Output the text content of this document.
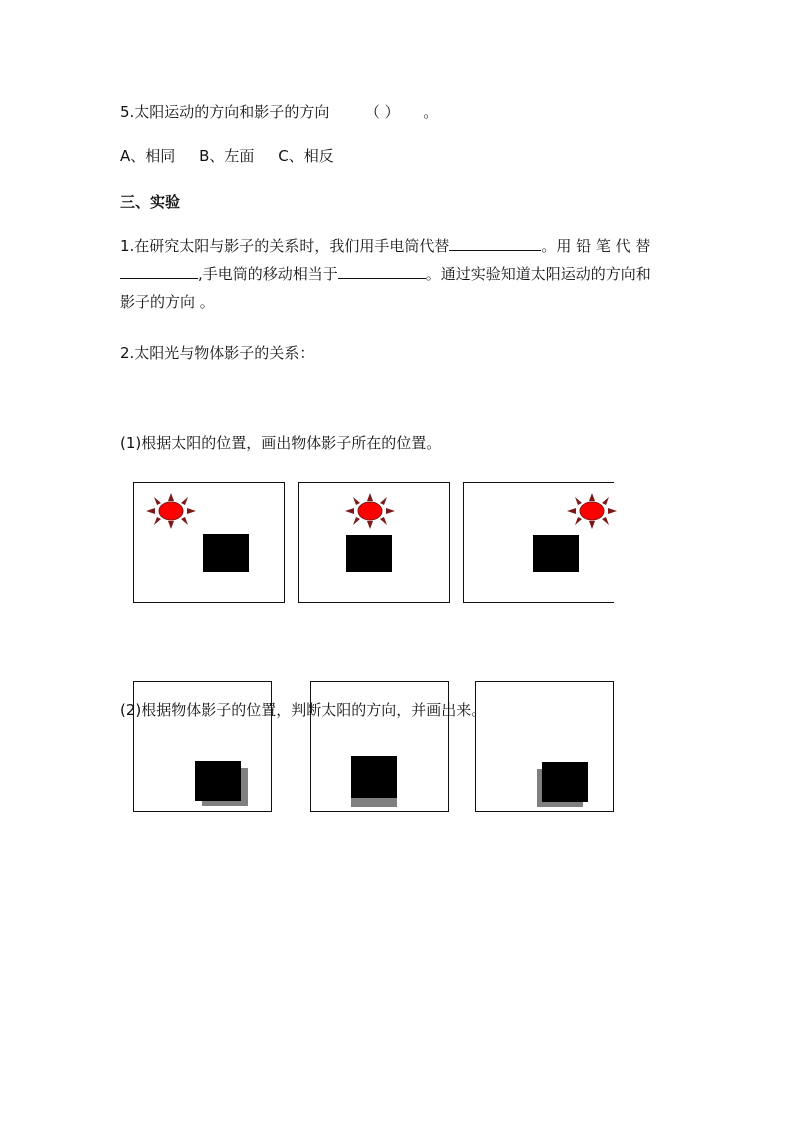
5.太阳运动的方向和影子的方向 （ ） 。
A、相同     B、左面     C、相反
三、实验
1.在研究太阳与影子的关系时，我们用手电筒代替	。用 铅 笔 代 替
,手电筒的移动相当于	。通过实验知道太阳运动的方向和
影子的方向 。
2.太阳光与物体影子的关系：
(1)根据太阳的位置，画出物体影子所在的位置。
(2)根据物体影子的位置，判断太阳的方向，并画出来。
